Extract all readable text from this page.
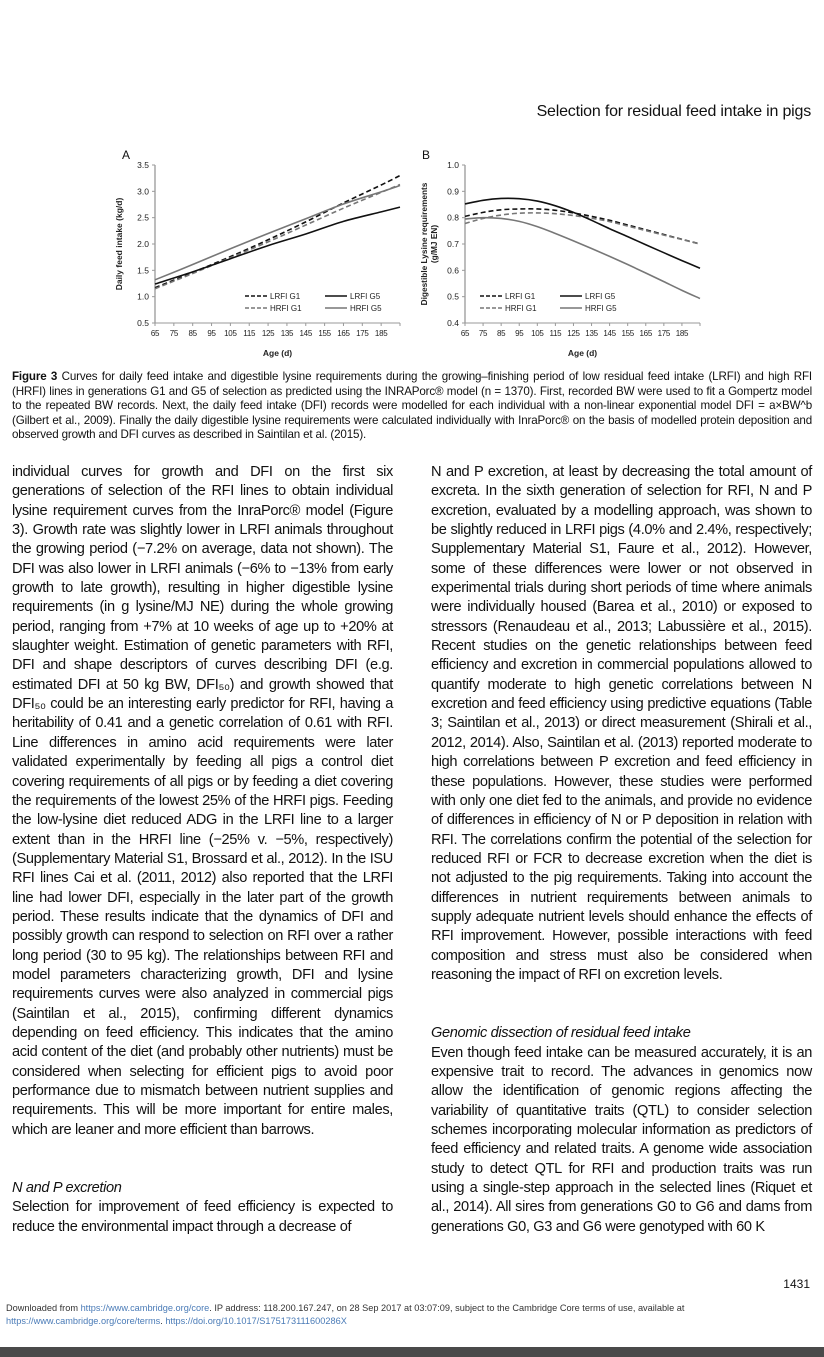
Selection for residual feed intake in pigs
A
0.5
1.0
1.5
2.0
2.5
3.0
3.5
65 75 85 95 105 115 125 135 145 155 165 175 185
Age (d)
Daily feed intake (kg/d)
LRFI G1	LRFI G5
HRFI G1	HRFI G5
B
0.4
0.5
0.6
0.7
0.8
0.9
1.0
65 75 85 95 105 115 125 135 145 155 165 175 185
Age (d)
Digestible Lysine requirements (g/MJ EN)
LRFI G1	LRFI G5
HRFI G1	HRFI G5
Figure 3 Curves for daily feed intake and digestible lysine requirements during the growing–finishing period of low residual feed intake (LRFI) and high RFI (HRFI) lines in generations G1 and G5 of selection as predicted using the INRAPorc® model (n = 1370). First, recorded BW were used to fit a Gompertz model to the repeated BW records. Next, the daily feed intake (DFI) records were modelled for each individual with a non-linear exponential model DFI = a×BW^b (Gilbert et al., 2009). Finally the daily digestible lysine requirements were calculated individually with InraPorc® on the basis of modelled protein deposition and observed growth and DFI curves as described in Saintilan et al. (2015).

individual curves for growth and DFI on the first six generations of selection of the RFI lines to obtain individual lysine requirement curves from the InraPorc® model (Figure 3). Growth rate was slightly lower in LRFI animals throughout the growing period (−7.2% on average, data not shown). The DFI was also lower in LRFI animals (−6% to −13% from early growth to late growth), resulting in higher digestible lysine requirements (in g lysine/MJ NE) during the whole growing period, ranging from +7% at 10 weeks of age up to +20% at slaughter weight. Estimation of genetic parameters with RFI, DFI and shape descriptors of curves describing DFI (e.g. estimated DFI at 50 kg BW, DFI₅₀) and growth showed that DFI₅₀ could be an interesting early predictor for RFI, having a heritability of 0.41 and a genetic correlation of 0.61 with RFI. Line differences in amino acid requirements were later validated experimentally by feeding all pigs a control diet covering requirements of all pigs or by feeding a diet covering the requirements of the lowest 25% of the HRFI pigs. Feeding the low-lysine diet reduced ADG in the LRFI line to a larger extent than in the HRFI line (−25% v. −5%, respectively) (Supplementary Material S1, Brossard et al., 2012). In the ISU RFI lines Cai et al. (2011, 2012) also reported that the LRFI line had lower DFI, especially in the later part of the growth period. These results indicate that the dynamics of DFI and possibly growth can respond to selection on RFI over a rather long period (30 to 95 kg). The relationships between RFI and model parameters characterizing growth, DFI and lysine requirements curves were also analyzed in commercial pigs (Saintilan et al., 2015), confirming different dynamics depending on feed efficiency. This indicates that the amino acid content of the diet (and probably other nutrients) must be considered when selecting for efficient pigs to avoid poor performance due to mismatch between nutrient supplies and requirements. This will be more important for entire males, which are leaner and more efficient than barrows.

N and P excretion

Selection for improvement of feed efficiency is expected to reduce the environmental impact through a decrease of

N and P excretion, at least by decreasing the total amount of excreta. In the sixth generation of selection for RFI, N and P excretion, evaluated by a modelling approach, was shown to be slightly reduced in LRFI pigs (4.0% and 2.4%, respectively; Supplementary Material S1, Faure et al., 2012). However, some of these differences were lower or not observed in experimental trials during short periods of time where animals were individually housed (Barea et al., 2010) or exposed to stressors (Renaudeau et al., 2013; Labussière et al., 2015). Recent studies on the genetic relationships between feed efficiency and excretion in commercial populations allowed to quantify moderate to high genetic correlations between N excretion and feed efficiency using predictive equations (Table 3; Saintilan et al., 2013) or direct measurement (Shirali et al., 2012, 2014). Also, Saintilan et al. (2013) reported moderate to high correlations between P excretion and feed efficiency in these populations. However, these studies were performed with only one diet fed to the animals, and provide no evidence of differences in efficiency of N or P deposition in relation with RFI. The correlations confirm the potential of the selection for reduced RFI or FCR to decrease excretion when the diet is not adjusted to the pig requirements. Taking into account the differences in nutrient requirements between animals to supply adequate nutrient levels should enhance the effects of RFI improvement. However, possible interactions with feed composition and stress must also be considered when reasoning the impact of RFI on excretion levels.

Genomic dissection of residual feed intake

Even though feed intake can be measured accurately, it is an expensive trait to record. The advances in genomics now allow the identification of genomic regions affecting the variability of quantitative traits (QTL) to consider selection schemes incorporating molecular information as predictors of feed efficiency and related traits. A genome wide association study to detect QTL for RFI and production traits was run using a single-step approach in the selected lines (Riquet et al., 2014). All sires from generations G0 to G6 and dams from generations G0, G3 and G6 were genotyped with 60 K

1431
Downloaded from https://www.cambridge.org/core. IP address: 118.200.167.247, on 28 Sep 2017 at 03:07:09, subject to the Cambridge Core terms of use, available at
https://www.cambridge.org/core/terms. https://doi.org/10.1017/S175173111600286X
